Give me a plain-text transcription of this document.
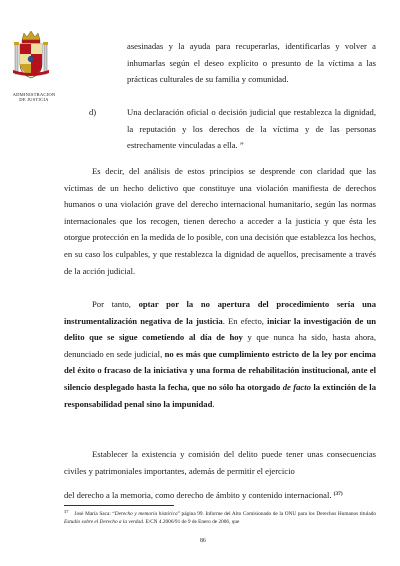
ADMINISTRACION
DE JUSTICIA

asesinadas y la ayuda para recuperarlas, identificarlas y volver a inhumarlas según el deseo explícito o presunto de la víctima a las prácticas culturales de su familia y comunidad.

d)	Una declaración oficial o decisión judicial que restablezca la dignidad, la reputación y los derechos de la víctima y de las personas estrechamente vinculadas a ella. ”

Es decir, del análisis de estos principios se desprende con claridad que las víctimas de un hecho delictivo que constituye una violación manifiesta de derechos humanos o una violación grave del derecho internacional humanitario, según las normas internacionales que los recogen, tienen derecho a acceder a la justicia y que ésta les otorgue protección en la medida de lo posible, con una decisión que establezca los hechos, en su caso los culpables, y que restablezca la dignidad de aquellos, precisamente a través de la acción judicial.

Por tanto, optar por la no apertura del procedimiento sería una instrumentalización negativa de la justicia. En efecto, iniciar la investigación de un delito que se sigue cometiendo al día de hoy y que nunca ha sido, hasta ahora, denunciado en sede judicial, no es más que cumplimiento estricto de la ley por encima del éxito o fracaso de la iniciativa y una forma de rehabilitación institucional, ante el silencio desplegado hasta la fecha, que no sólo ha otorgado de facto la extinción de la responsabilidad penal sino la impunidad.

Establecer la existencia y comisión del delito puede tener unas consecuencias civiles y patrimoniales importantes, además de permitir el ejercicio

del derecho a la memoria, como derecho de ámbito y contenido internacional. $^{(37)}$

$^{37}$ José María Saca: “Derecho y memoria histórica” página 99. Informe del Alto Comisionado de la ONU para los Derechos Humanos titulado Estudio sobre el Derecho a la verdad. E/CN 4.2006/91 de 9 de Enero de 2006, que

86
